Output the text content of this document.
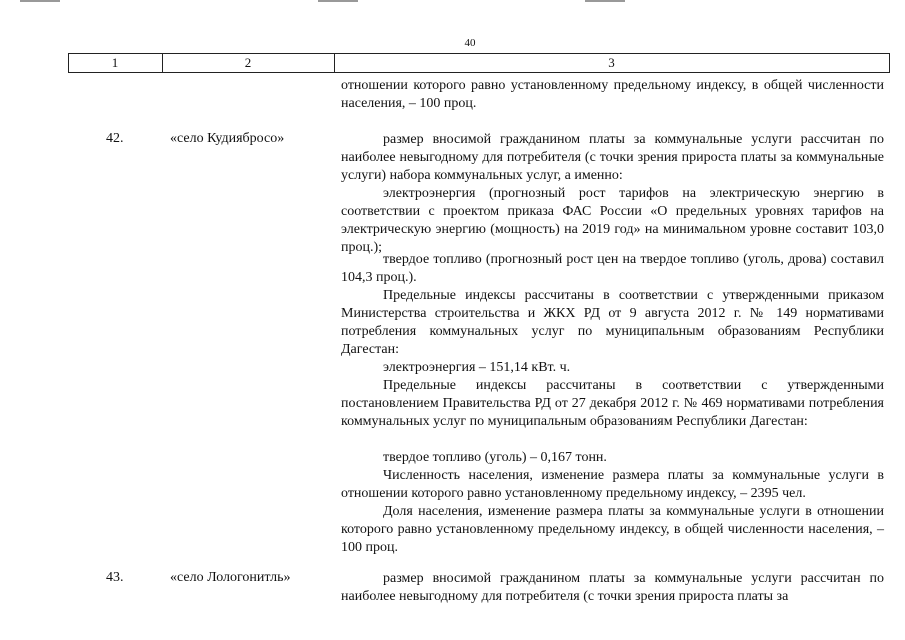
40
1	2	3
отношении которого равно установленному предельному индексу, в общей численности населения, – 100 проц.
42.	«село Кудиябросо»	размер вносимой гражданином платы за коммунальные услуги рассчитан по наиболее невыгодному для потребителя (с точки зрения прироста платы за коммунальные услуги) набора коммунальных услуг, а именно:
электроэнергия (прогнозный рост тарифов на электрическую энергию в соответствии с проектом приказа ФАС России «О предельных уровнях тарифов на электрическую энергию (мощность) на 2019 год» на минимальном уровне составит 103,0 проц.);
твердое топливо (прогнозный рост цен на твердое топливо (уголь, дрова) составил 104,3 проц.).
Предельные индексы рассчитаны в соответствии с утвержденными приказом Министерства строительства и ЖКХ РД от 9 августа 2012 г. № 149 нормативами потребления коммунальных услуг по муниципальным образованиям Республики Дагестан:
электроэнергия – 151,14 кВт. ч.
Предельные индексы рассчитаны в соответствии с утвержденными постановлением Правительства РД от 27 декабря 2012 г. № 469 нормативами потребления коммунальных услуг по муниципальным образованиям Республики Дагестан:
твердое топливо (уголь) – 0,167 тонн.
Численность населения, изменение размера платы за коммунальные услуги в отношении которого равно установленному предельному индексу, – 2395 чел.
Доля населения, изменение размера платы за коммунальные услуги в отношении которого равно установленному предельному индексу, в общей численности населения, – 100 проц.
43.	«село Лологонитль»	размер вносимой гражданином платы за коммунальные услуги рассчитан по наиболее невыгодному для потребителя (с точки зрения прироста платы за
